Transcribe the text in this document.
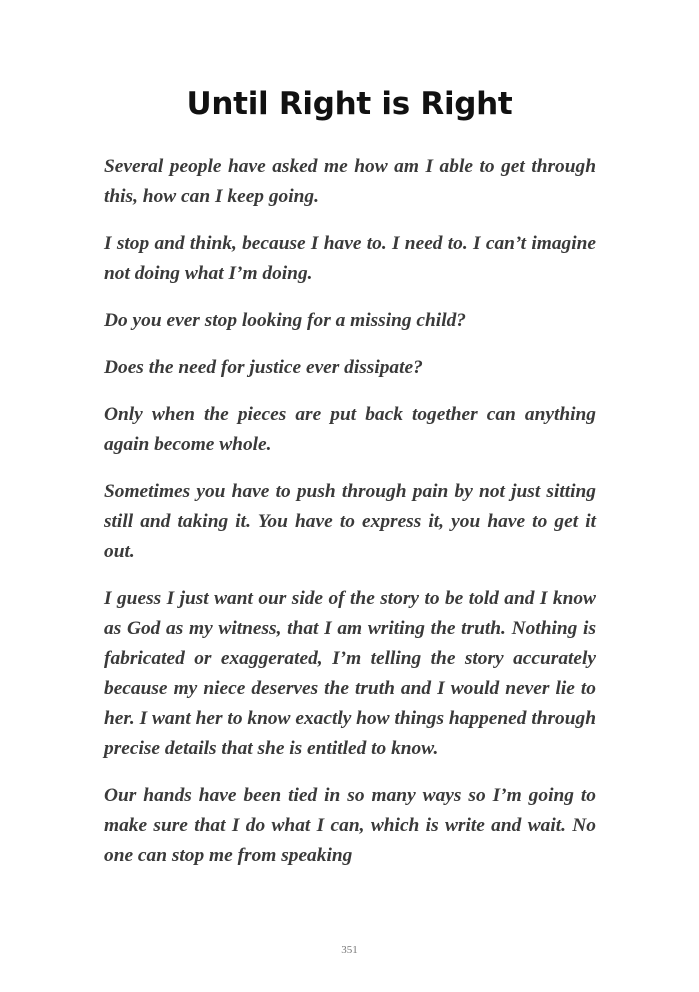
Until Right is Right

Several people have asked me how am I able to get through this, how can I keep going.

I stop and think, because I have to. I need to. I can’t imagine not doing what I’m doing.

Do you ever stop looking for a missing child?

Does the need for justice ever dissipate?

Only when the pieces are put back together can anything again become whole.

Sometimes you have to push through pain by not just sitting still and taking it. You have to express it, you have to get it out.

I guess I just want our side of the story to be told and I know as God as my witness, that I am writing the truth. Nothing is fabricated or exaggerated, I’m telling the story accurately because my niece deserves the truth and I would never lie to her. I want her to know exactly how things happened through precise details that she is entitled to know.

Our hands have been tied in so many ways so I’m going to make sure that I do what I can, which is write and wait. No one can stop me from speaking

351
